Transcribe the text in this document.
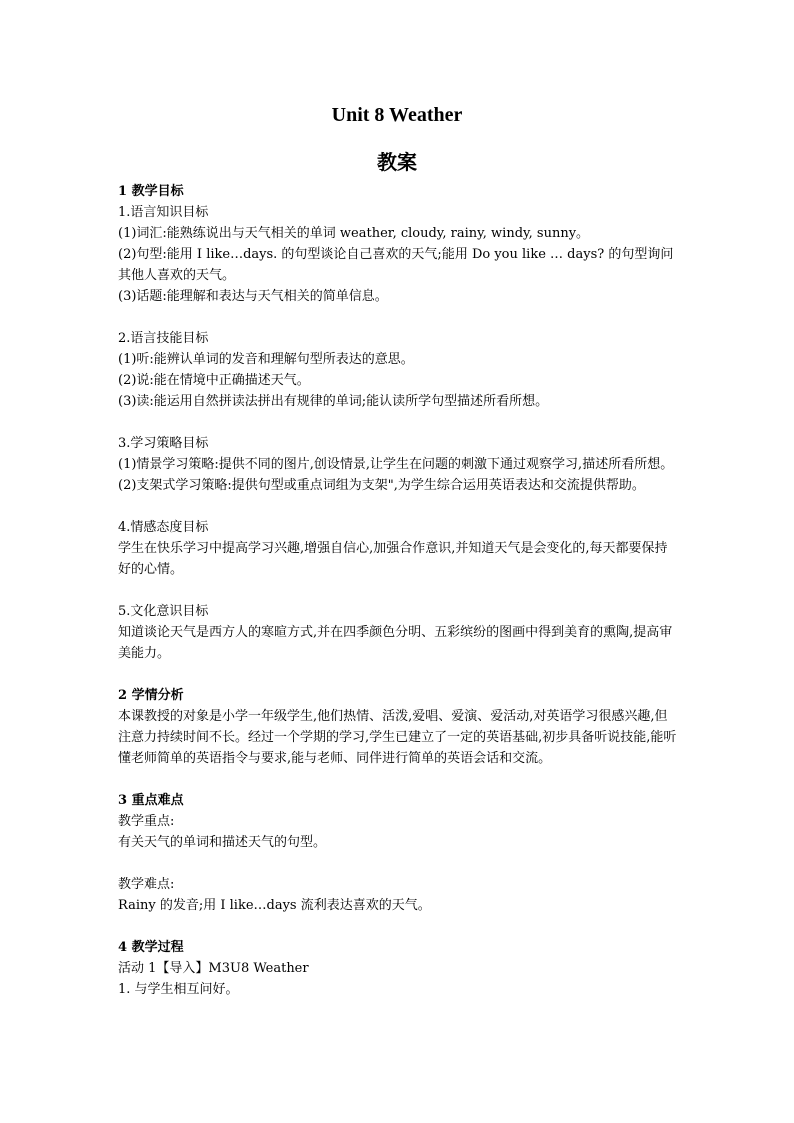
Unit 8 Weather
教案

1 教学目标

1.语言知识目标

(1)词汇:能熟练说出与天气相关的单词 weather, cloudy, rainy, windy, sunny。

(2)句型:能用 I like…days. 的句型谈论自己喜欢的天气;能用 Do you like … days? 的句型询问其他人喜欢的天气。

(3)话题:能理解和表达与天气相关的简单信息。

2.语言技能目标

(1)听:能辨认单词的发音和理解句型所表达的意思。

(2)说:能在情境中正确描述天气。

(3)读:能运用自然拼读法拼出有规律的单词;能认读所学句型描述所看所想。

3.学习策略目标

(1)情景学习策略:提供不同的图片,创设情景,让学生在问题的刺激下通过观察学习,描述所看所想。

(2)支架式学习策略:提供句型或重点词组为支架",为学生综合运用英语表达和交流提供帮助。

4.情感态度目标

学生在快乐学习中提高学习兴趣,增强自信心,加强合作意识,并知道天气是会变化的,每天都要保持好的心情。

5.文化意识目标

知道谈论天气是西方人的寒暄方式,并在四季颜色分明、五彩缤纷的图画中得到美育的熏陶,提高审美能力。

2 学情分析

本课教授的对象是小学一年级学生,他们热情、活泼,爱唱、爱演、爱活动,对英语学习很感兴趣,但注意力持续时间不长。经过一个学期的学习,学生已建立了一定的英语基础,初步具备听说技能,能听懂老师简单的英语指令与要求,能与老师、同伴进行简单的英语会话和交流。

3 重点难点

教学重点:

有关天气的单词和描述天气的句型。

教学难点:

Rainy 的发音;用 I like…days 流利表达喜欢的天气。

4 教学过程

活动 1【导入】M3U8 Weather

1. 与学生相互问好。
